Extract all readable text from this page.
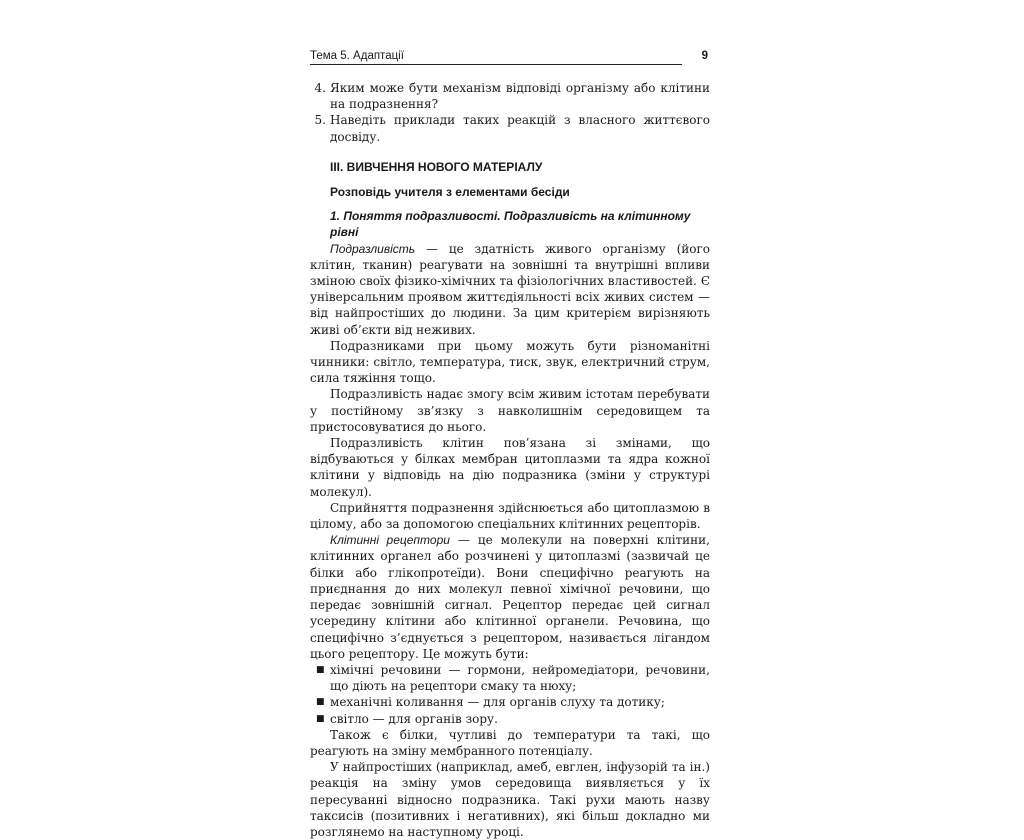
Тема 5. Адаптації	9
4. Яким може бути механізм відповіді організму або клітини на подразнення?
5. Наведіть приклади таких реакцій з власного життєвого досвіду.
III. ВИВЧЕННЯ НОВОГО МАТЕРІАЛУ
Розповідь учителя з елементами бесіди
1. Поняття подразливості. Подразливість на клітинному рівні

Подразливість — це здатність живого організму (його клітин, тканин) реагувати на зовнішні та внутрішні впливи зміною своїх фізико-хімічних та фізіологічних властивостей. Є універсальним проявом життєдіяльності всіх живих систем — від найпростіших до людини. За цим критерієм вирізняють живі об’єкти від неживих.

Подразниками при цьому можуть бути різноманітні чинники: світло, температура, тиск, звук, електричний струм, сила тяжіння тощо.

Подразливість надає змогу всім живим істотам перебувати у постійному зв’язку з навколишнім середовищем та пристосовуватися до нього.

Подразливість клітин пов’язана зі змінами, що відбуваються у білках мембран цитоплазми та ядра кожної клітини у відповідь на дію подразника (зміни у структурі молекул).

Сприйняття подразнення здійснюється або цитоплазмою в цілому, або за допомогою спеціальних клітинних рецепторів.

Клітинні рецептори — це молекули на поверхні клітини, клітинних органел або розчинені у цитоплазмі (зазвичай це білки або глікопротеїди). Вони специфічно реагують на приєднання до них молекул певної хімічної речовини, що передає зовнішній сигнал. Рецептор передає цей сигнал усередину клітини або клітинної органели. Речовина, що специфічно з’єднується з рецептором, називається лігандом цього рецептору. Це можуть бути:

■ хімічні речовини — гормони, нейромедіатори, речовини, що діють на рецептори смаку та нюху;
■ механічні коливання — для органів слуху та дотику;
■ світло — для органів зору.

Також є білки, чутливі до температури та такі, що реагують на зміну мембранного потенціалу.

У найпростіших (наприклад, амеб, евглен, інфузорій та ін.) реакція на зміну умов середовища виявляється у їх пересуванні відносно подразника. Такі рухи мають назву таксисів (позитивних і негативних), які більш докладно ми розглянемо на наступному уроці.
